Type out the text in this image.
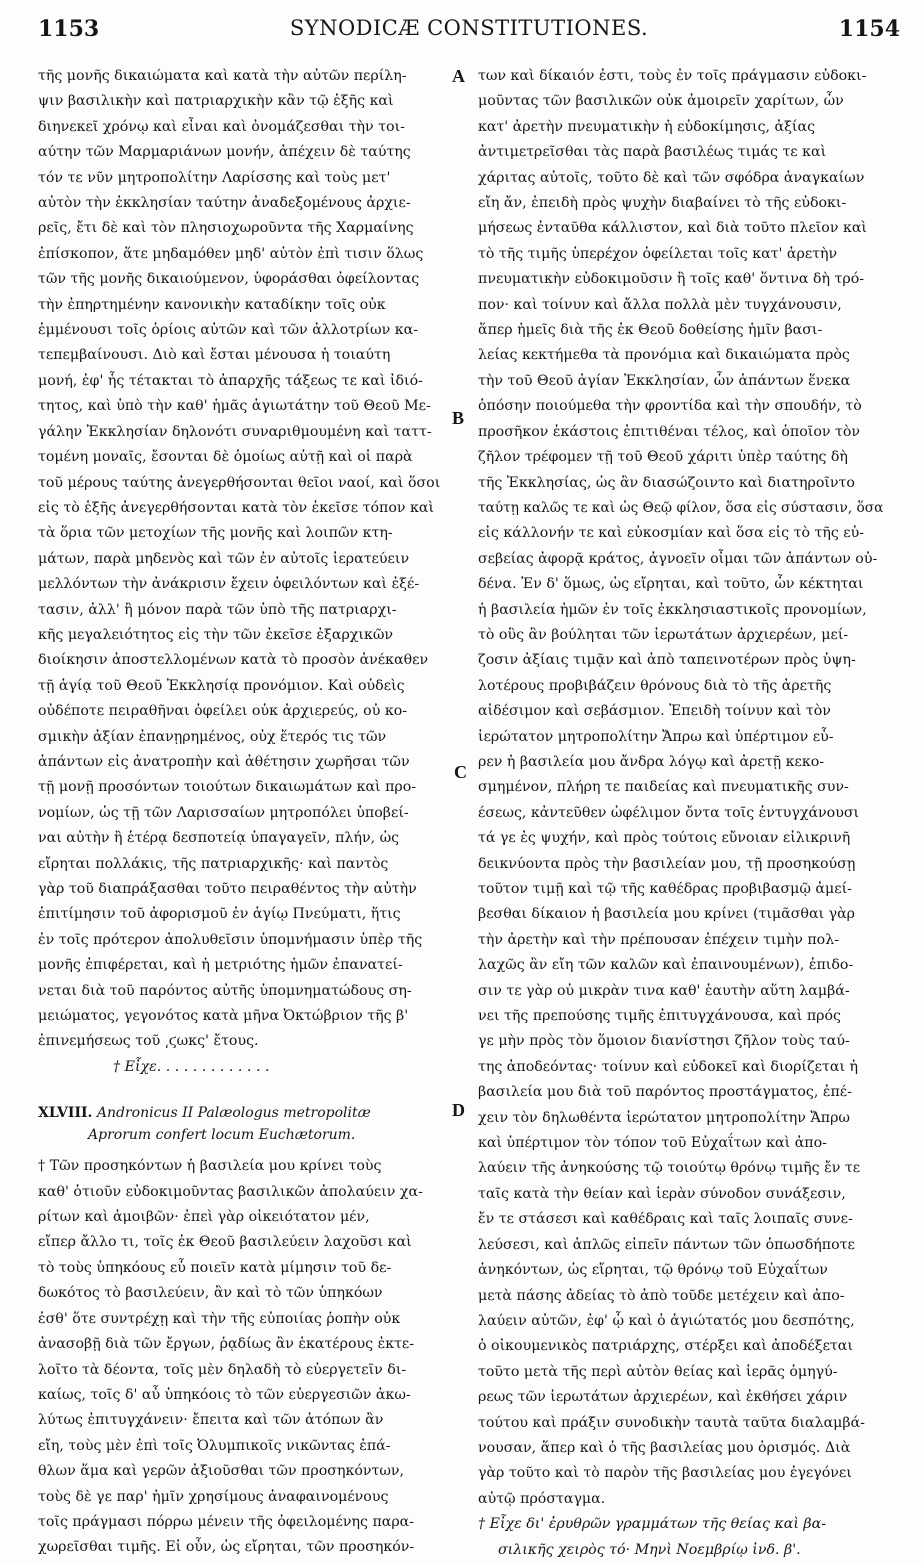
1153	SYNODICÆ CONSTITUTIONES.	1154
A
B
C
D
τῆς μονῆς δικαιώματα καὶ κατὰ τὴν αὐτῶν περίλη-
ψιν βασιλικὴν καὶ πατριαρχικὴν κἂν τῷ ἑξῆς καὶ
διηνεκεῖ χρόνῳ καὶ εἶναι καὶ ὀνομάζεσθαι τὴν τοι-
αύτην τῶν Μαρμαριάνων μονήν, ἀπέχειν δὲ ταύτης
τόν τε νῦν μητροπολίτην Λαρίσσης καὶ τοὺς μετ'
αὐτὸν τὴν ἐκκλησίαν ταύτην ἀναδεξομένους ἀρχιε-
ρεῖς, ἔτι δὲ καὶ τὸν πλησιοχωροῦντα τῆς Χαρμαίνης
ἐπίσκοπον, ἅτε μηδαμόθεν μηδ' αὐτὸν ἐπὶ τισιν ὅλως
τῶν τῆς μονῆς δικαιούμενον, ὑφοράσθαι ὀφείλοντας
τὴν ἐπηρτημένην κανονικὴν καταδίκην τοῖς οὐκ
ἐμμένουσι τοῖς ὁρίοις αὐτῶν καὶ τῶν ἀλλοτρίων κα-
τεπεμβαίνουσι. Διὸ καὶ ἔσται μένουσα ἡ τοιαύτη
μονή, ἐφ' ἧς τέτακται τὸ ἀπαρχῆς τάξεως τε καὶ ἰδιό-
τητος, καὶ ὑπὸ τὴν καθ' ἡμᾶς ἁγιωτάτην τοῦ Θεοῦ Με-
γάλην Ἐκκλησίαν δηλονότι συναριθμουμένη καὶ ταττ-
τομένη μοναῖς, ἔσονται δὲ ὁμοίως αὐτῇ καὶ οἱ παρὰ
τοῦ μέρους ταύτης ἀνεγερθήσονται θεῖοι ναοί, καὶ ὅσοι
εἰς τὸ ἑξῆς ἀνεγερθήσονται κατὰ τὸν ἐκεῖσε τόπον καὶ
τὰ ὅρια τῶν μετοχίων τῆς μονῆς καὶ λοιπῶν κτη-
μάτων, παρὰ μηδενὸς καὶ τῶν ἐν αὐτοῖς ἱερατεύειν
μελλόντων τὴν ἀνάκρισιν ἔχειν ὀφειλόντων καὶ ἐξέ-
τασιν, ἀλλ' ἢ μόνον παρὰ τῶν ὑπὸ τῆς πατριαρχι-
κῆς μεγαλειότητος εἰς τὴν τῶν ἐκεῖσε ἐξαρχικῶν
διοίκησιν ἀποστελλομένων κατὰ τὸ προσὸν ἀνέκαθεν
τῇ ἁγίᾳ τοῦ Θεοῦ Ἐκκλησίᾳ προνόμιον. Καὶ οὐδεὶς
οὐδέποτε πειραθῆναι ὀφείλει οὐκ ἀρχιερεύς, οὐ κο-
σμικὴν ἀξίαν ἐπανῃρημένος, οὐχ ἕτερός τις τῶν
ἁπάντων εἰς ἀνατροπὴν καὶ ἀθέτησιν χωρῆσαι τῶν
τῇ μονῇ προσόντων τοιούτων δικαιωμάτων καὶ προ-
νομίων, ὡς τῇ τῶν Λαρισσαίων μητροπόλει ὑποβεί-
ναι αὐτὴν ἢ ἑτέρᾳ δεσποτείᾳ ὑπαγαγεῖν, πλήν, ὡς
εἴρηται πολλάκις, τῆς πατριαρχικῆς· καὶ παντὸς
γὰρ τοῦ διαπράξασθαι τοῦτο πειραθέντος τὴν αὐτὴν
ἐπιτίμησιν τοῦ ἀφορισμοῦ ἐν ἁγίῳ Πνεύματι, ἥτις
ἐν τοῖς πρότερον ἀπολυθεῖσιν ὑπομνήμασιν ὑπὲρ τῆς
μονῆς ἐπιφέρεται, καὶ ἡ μετριότης ἡμῶν ἐπανατεί-
νεται διὰ τοῦ παρόντος αὐτῆς ὑπομνηματώδους ση-
μειώματος, γεγονότος κατὰ μῆνα Ὀκτώβριον τῆς β'
ἐπινεμήσεως τοῦ ͵ϛωκς' ἔτους.
† Εἶχε. . . . . . . . . . . . .
XLVIII. Andronicus II Palæologus metropolitæ
Aprorum confert locum Euchætorum.
† Τῶν προσηκόντων ἡ βασιλεία μου κρίνει τοὺς
καθ' ὁτιοῦν εὐδοκιμοῦντας βασιλικῶν ἀπολαύειν χα-
ρίτων καὶ ἀμοιβῶν· ἐπεὶ γὰρ οἰκειότατον μέν,
εἴπερ ἄλλο τι, τοῖς ἐκ Θεοῦ βασιλεύειν λαχοῦσι καὶ
τὸ τοὺς ὑπηκόους εὖ ποιεῖν κατὰ μίμησιν τοῦ δε-
δωκότος τὸ βασιλεύειν, ἂν καὶ τὸ τῶν ὑπηκόων
ἐσθ' ὅτε συντρέχῃ καὶ τὴν τῆς εὐποιίας ῥοπὴν οὐκ
ἀνασοβῇ διὰ τῶν ἔργων, ῥᾳδίως ἂν ἑκατέρους ἐκτε-
λοῖτο τὰ δέοντα, τοῖς μὲν δηλαδὴ τὸ εὐεργετεῖν δι-
καίως, τοῖς δ' αὖ ὑπηκόοις τὸ τῶν εὐεργεσιῶν ἀκω-
λύτως ἐπιτυγχάνειν· ἔπειτα καὶ τῶν ἀτόπων ἂν
εἴη, τοὺς μὲν ἐπὶ τοῖς Ὀλυμπικοῖς νικῶντας ἐπά-
θλων ἅμα καὶ γερῶν ἀξιοῦσθαι τῶν προσηκόντων,
τοὺς δὲ γε παρ' ἡμῖν χρησίμους ἀναφαινομένους
τοῖς πράγμασι πόρρω μένειν τῆς ὀφειλομένης παρα-
χωρεῖσθαι τιμῆς. Εἰ οὖν, ὡς εἴρηται, τῶν προσηκόν-
των καὶ δίκαιόν ἐστι, τοὺς ἐν τοῖς πράγμασιν εὐδοκι-
μοῦντας τῶν βασιλικῶν οὐκ ἀμοιρεῖν χαρίτων, ὧν
κατ' ἀρετὴν πνευματικὴν ἡ εὐδοκίμησις, ἀξίας
ἀντιμετρεῖσθαι τὰς παρὰ βασιλέως τιμάς τε καὶ
χάριτας αὐτοῖς, τοῦτο δὲ καὶ τῶν σφόδρα ἀναγκαίων
εἴη ἄν, ἐπειδὴ πρὸς ψυχὴν διαβαίνει τὸ τῆς εὐδοκι-
μήσεως ἐνταῦθα κάλλιστον, καὶ διὰ τοῦτο πλεῖον καὶ
τὸ τῆς τιμῆς ὑπερέχον ὀφείλεται τοῖς κατ' ἀρετὴν
πνευματικὴν εὐδοκιμοῦσιν ἢ τοῖς καθ' ὅντινα δὴ τρό-
πον· καὶ τοίνυν καὶ ἄλλα πολλὰ μὲν τυγχάνουσιν,
ἅπερ ἡμεῖς διὰ τῆς ἐκ Θεοῦ δοθείσης ἡμῖν βασι-
λείας κεκτήμεθα τὰ προνόμια καὶ δικαιώματα πρὸς
τὴν τοῦ Θεοῦ ἁγίαν Ἐκκλησίαν, ὧν ἁπάντων ἕνεκα
ὁπόσην ποιούμεθα τὴν φροντίδα καὶ τὴν σπουδήν, τὸ
προσῆκον ἑκάστοις ἐπιτιθέναι τέλος, καὶ ὁποῖον τὸν
ζῆλον τρέφομεν τῇ τοῦ Θεοῦ χάριτι ὑπὲρ ταύτης δὴ
τῆς Ἐκκλησίας, ὡς ἂν διασώζοιντο καὶ διατηροῖντο
ταύτῃ καλῶς τε καὶ ὡς Θεῷ φίλον, ὅσα εἰς σύστασιν, ὅσα
εἰς κάλλονήν τε καὶ εὐκοσμίαν καὶ ὅσα εἰς τὸ τῆς εὐ-
σεβείας ἀφορᾷ κράτος, ἀγνοεῖν οἶμαι τῶν ἁπάντων οὐ-
δένα. Ἐν δ' ὅμως, ὡς εἴρηται, καὶ τοῦτο, ὧν κέκτηται
ἡ βασιλεία ἡμῶν ἐν τοῖς ἐκκλησιαστικοῖς προνομίων,
τὸ οὓς ἂν βούληται τῶν ἱερωτάτων ἀρχιερέων, μεί-
ζοσιν ἀξίαις τιμᾷν καὶ ἀπὸ ταπεινοτέρων πρὸς ὑψη-
λοτέρους προβιβάζειν θρόνους διὰ τὸ τῆς ἀρετῆς
αἰδέσιμον καὶ σεβάσμιον. Ἐπειδὴ τοίνυν καὶ τὸν
ἱερώτατον μητροπολίτην Ἄπρω καὶ ὑπέρτιμον εὗ-
ρεν ἡ βασιλεία μου ἄνδρα λόγῳ καὶ ἀρετῇ κεκο-
σμημένον, πλήρη τε παιδείας καὶ πνευματικῆς συν-
έσεως, κἀντεῦθεν ὠφέλιμον ὄντα τοῖς ἐντυγχάνουσι
τά γε ἐς ψυχήν, καὶ πρὸς τούτοις εὔνοιαν εἰλικρινῆ
δεικνύοντα πρὸς τὴν βασιλείαν μου, τῇ προσηκούσῃ
τοῦτον τιμῇ καὶ τῷ τῆς καθέδρας προβιβασμῷ ἀμεί-
βεσθαι δίκαιον ἡ βασιλεία μου κρίνει (τιμᾶσθαι γὰρ
τὴν ἀρετὴν καὶ τὴν πρέπουσαν ἐπέχειν τιμὴν πολ-
λαχῶς ἂν εἴη τῶν καλῶν καὶ ἐπαινουμένων), ἐπιδο-
σιν τε γὰρ οὐ μικρὰν τινα καθ' ἑαυτὴν αὕτη λαμβά-
νει τῆς πρεπούσης τιμῆς ἐπιτυγχάνουσα, καὶ πρός
γε μὴν πρὸς τὸν ὅμοιον διανίστησι ζῆλον τοὺς ταύ-
της ἀποδεόντας· τοίνυν καὶ εὐδοκεῖ καὶ διορίζεται ἡ
βασιλεία μου διὰ τοῦ παρόντος προστάγματος, ἐπέ-
χειν τὸν δηλωθέντα ἱερώτατον μητροπολίτην Ἄπρω
καὶ ὑπέρτιμον τὸν τόπον τοῦ Εὐχαΐτων καὶ ἀπο-
λαύειν τῆς ἀνηκούσης τῷ τοιούτῳ θρόνῳ τιμῆς ἔν τε
ταῖς κατὰ τὴν θείαν καὶ ἱερὰν σύνοδον συνάξεσιν,
ἔν τε στάσεσι καὶ καθέδραις καὶ ταῖς λοιπαῖς συνε-
λεύσεσι, καὶ ἁπλῶς εἰπεῖν πάντων τῶν ὁπωσδήποτε
ἀνηκόντων, ὡς εἴρηται, τῷ θρόνῳ τοῦ Εὐχαΐτων
μετὰ πάσης ἀδείας τὸ ἀπὸ τοῦδε μετέχειν καὶ ἀπο-
λαύειν αὐτῶν, ἐφ' ᾧ καὶ ὁ ἁγιώτατός μου δεσπότης,
ὁ οἰκουμενικὸς πατριάρχης, στέρξει καὶ ἀποδέξεται
τοῦτο μετὰ τῆς περὶ αὐτὸν θείας καὶ ἱερᾶς ὁμηγύ-
ρεως τῶν ἱερωτάτων ἀρχιερέων, καὶ ἐκθήσει χάριν
τούτου καὶ πράξιν συνοδικὴν ταυτὰ ταῦτα διαλαμβά-
νουσαν, ἅπερ καὶ ὁ τῆς βασιλείας μου ὁρισμός. Διὰ
γὰρ τοῦτο καὶ τὸ παρὸν τῆς βασιλείας μου ἐγεγόνει
αὐτῷ πρόσταγμα.
† Εἶχε δι' ἐρυθρῶν γραμμάτων τῆς θείας καὶ βα-
σιλικῆς χειρὸς τό· Μηνὶ Νοεμβρίῳ ἰνδ. β'.
